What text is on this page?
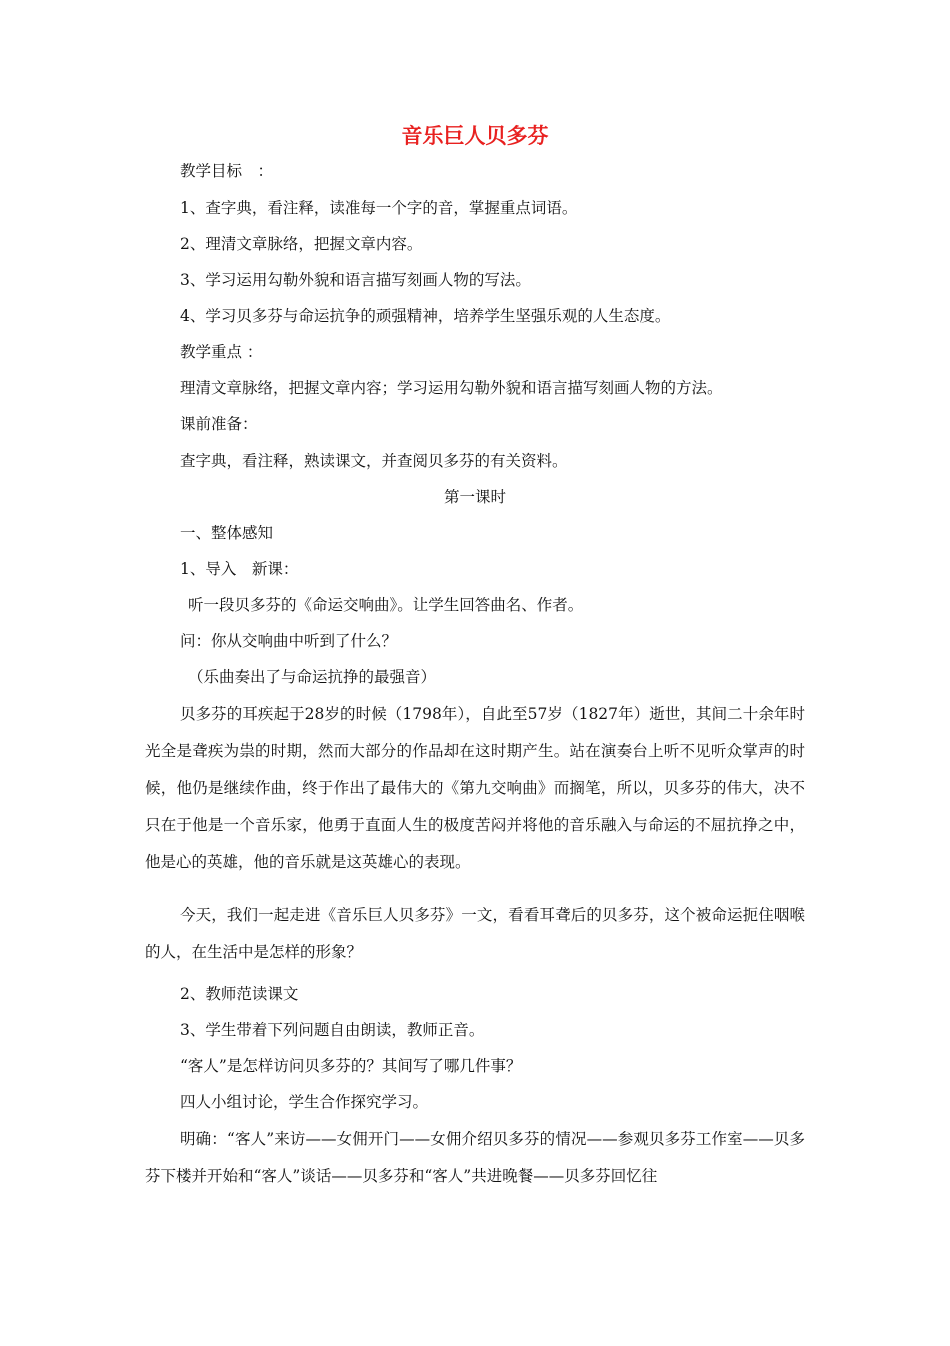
音乐巨人贝多芬

教学目标　：

1、查字典，看注释，读准每一个字的音，掌握重点词语。

2、理清文章脉络，把握文章内容。

3、学习运用勾勒外貌和语言描写刻画人物的写法。

4、学习贝多芬与命运抗争的顽强精神，培养学生坚强乐观的人生态度。

教学重点 ：

理清文章脉络，把握文章内容；学习运用勾勒外貌和语言描写刻画人物的方法。

课前准备：

查字典，看注释，熟读课文，并查阅贝多芬的有关资料。

第一课时

一、整体感知

1、导入　新课：

听一段贝多芬的《命运交响曲》。让学生回答曲名、作者。

问：你从交响曲中听到了什么？

（乐曲奏出了与命运抗挣的最强音）

贝多芬的耳疾起于28岁的时候（1798年），自此至57岁（1827年）逝世，其间二十余年时光全是聋疾为祟的时期，然而大部分的作品却在这时期产生。站在演奏台上听不见听众掌声的时候，他仍是继续作曲，终于作出了最伟大的《第九交响曲》而搁笔，所以，贝多芬的伟大，决不只在于他是一个音乐家，他勇于直面人生的极度苦闷并将他的音乐融入与命运的不屈抗挣之中，他是心的英雄，他的音乐就是这英雄心的表现。

今天，我们一起走进《音乐巨人贝多芬》一文，看看耳聋后的贝多芬，这个被命运扼住咽喉的人，在生活中是怎样的形象？

2、教师范读课文

3、学生带着下列问题自由朗读，教师正音。

“客人”是怎样访问贝多芬的？其间写了哪几件事？

四人小组讨论，学生合作探究学习。

明确：“客人”来访——女佣开门——女佣介绍贝多芬的情况——参观贝多芬工作室——贝多芬下楼并开始和“客人”谈话——贝多芬和“客人”共进晚餐——贝多芬回忆往
